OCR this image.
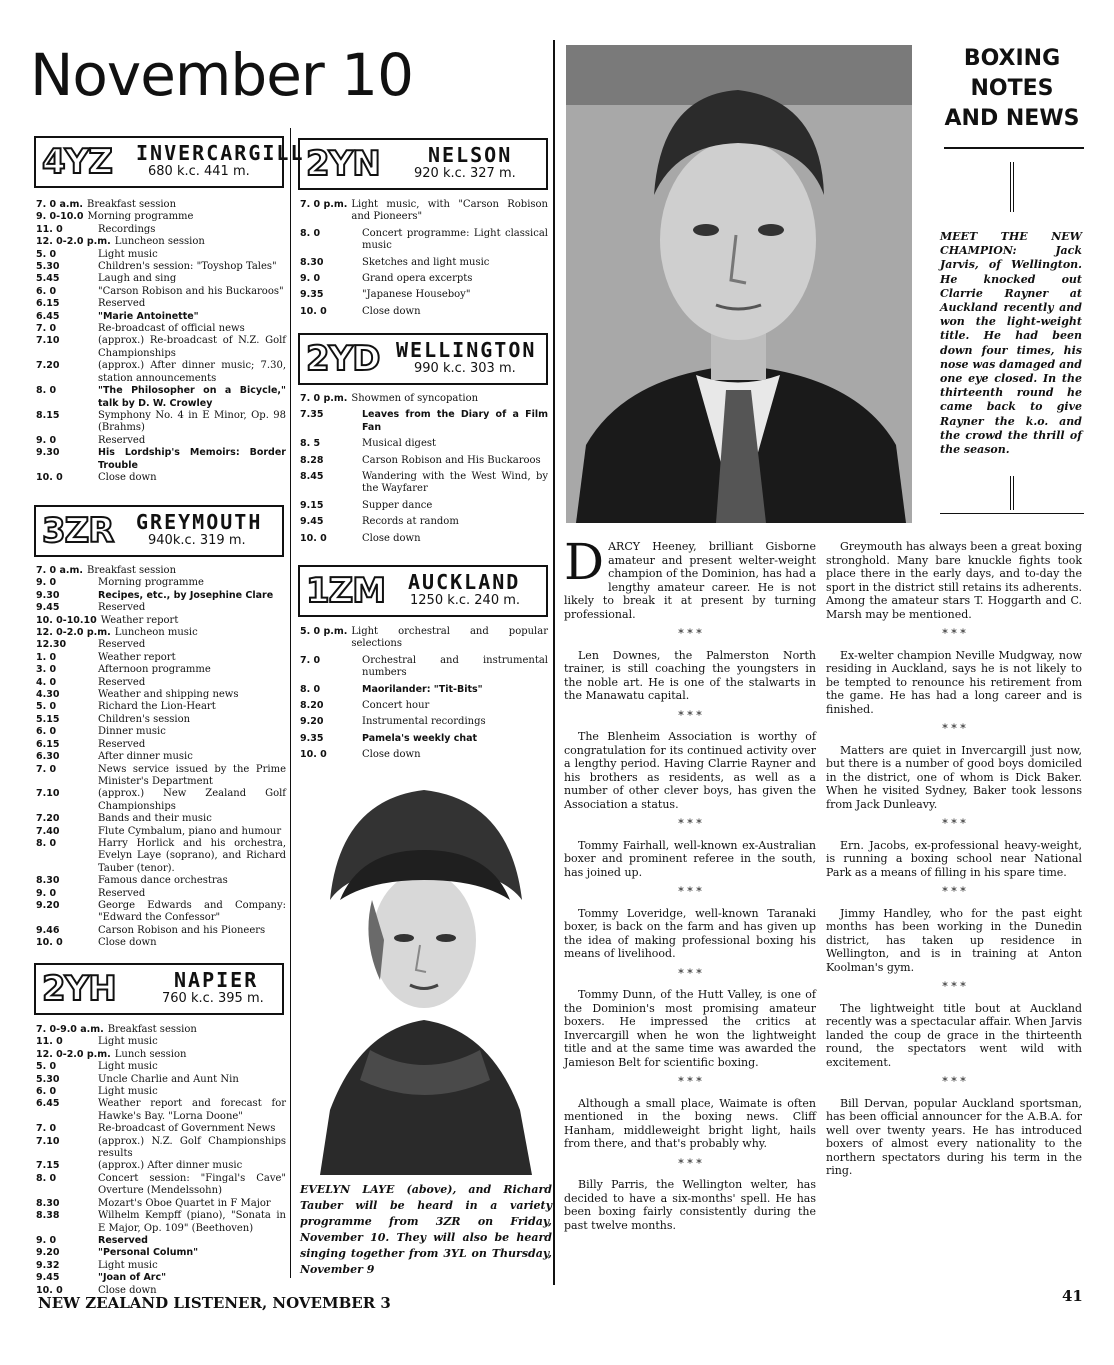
November 10
4YZ INVERCARGILL
680 k.c. 441 m.
7. 0 a.m. Breakfast session
9. 0-10.0 Morning programme
11. 0	Recordings
12. 0-2.0 p.m. Luncheon session
5. 0	Light music
5.30	Children's session: "Toyshop Tales"
5.45	Laugh and sing
6. 0	"Carson Robison and his Buckaroos"
6.15	Reserved
6.45	"Marie Antoinette"
7. 0	Re-broadcast of official news
7.10	(approx.) Re-broadcast of N.Z. Golf Championships
7.20	(approx.) After dinner music; 7.30, station announcements
8. 0	"The Philosopher on a Bicycle," talk by D. W. Crowley
8.15	Symphony No. 4 in E Minor, Op. 98 (Brahms)
9. 0	Reserved
9.30	His Lordship's Memoirs: Border Trouble
10. 0	Close down
3ZR GREYMOUTH
940k.c. 319 m.
7. 0 a.m. Breakfast session
9. 0	Morning programme
9.30	Recipes, etc., by Josephine Clare
9.45	Reserved
10. 0-10.10 Weather report
12. 0-2.0 p.m. Luncheon music
12.30	Reserved
1. 0	Weather report
3. 0	Afternoon programme
4. 0	Reserved
4.30	Weather and shipping news
5. 0	Richard the Lion-Heart
5.15	Children's session
6. 0	Dinner music
6.15	Reserved
6.30	After dinner music
7. 0	News service issued by the Prime Minister's Department
7.10	(approx.) New Zealand Golf Championships
7.20	Bands and their music
7.40	Flute Cymbalum, piano and humour
8. 0	Harry Horlick and his orchestra, Evelyn Laye (soprano), and Richard Tauber (tenor).
8.30	Famous dance orchestras
9. 0	Reserved
9.20	George Edwards and Company: "Edward the Confessor"
9.46	Carson Robison and his Pioneers
10. 0	Close down
2YH	NAPIER
760 k.c. 395 m.
7. 0-9.0 a.m. Breakfast session
11. 0	Light music
12. 0-2.0 p.m. Lunch session
5. 0	Light music
5.30	Uncle Charlie and Aunt Nin
6. 0	Light music
6.45	Weather report and forecast for Hawke's Bay. "Lorna Doone"
7. 0	Re-broadcast of Government News
7.10	(approx.) N.Z. Golf Championships results
7.15	(approx.) After dinner music
8. 0	Concert session: "Fingal's Cave" Overture (Mendelssohn)
8.30	Mozart's Oboe Quartet in F Major
8.38	Wilhelm Kempff (piano), "Sonata in E Major, Op. 109" (Beethoven)
9. 0	Reserved
9.20	"Personal Column"
9.32	Light music
9.45	"Joan of Arc"
10. 0	Close down
2YN NELSON
920 k.c. 327 m.
7. 0 p.m. Light music, with "Carson Robison and Pioneers"
8. 0	Concert programme: Light classical music
8.30	Sketches and light music
9. 0	Grand opera excerpts
9.35	"Japanese Houseboy"
10. 0	Close down
2YD WELLINGTON
990 k.c. 303 m.
7. 0 p.m. Showmen of syncopation
7.35	Leaves from the Diary of a Film Fan
8. 5	Musical digest
8.28	Carson Robison and His Buckaroos
8.45	Wandering with the West Wind, by the Wayfarer
9.15	Supper dance
9.45	Records at random
10. 0	Close down
1ZM AUCKLAND
1250 k.c. 240 m.
5. 0 p.m. Light orchestral and popular selections
7. 0	Orchestral and instrumental numbers
8. 0	Maorilander: "Tit-Bits"
8.20	Concert hour
9.20	Instrumental recordings
9.35	Pamela's weekly chat
10. 0	Close down
EVELYN LAYE (above), and Richard Tauber will be heard in a variety programme from 3ZR on Friday, November 10. They will also be heard singing together from 3YL on Thursday, November 9
BOXING
NOTES
AND NEWS
MEET THE NEW CHAMPION: Jack Jarvis, of Wellington. He knocked out Clarrie Rayner at Auckland recently and won the light-weight title. He had been down four times, his nose was damaged and one eye closed. In the thirteenth round he came back to give Rayner the k.o. and the crowd the thrill of the season.

DARCY Heeney, brilliant Gisborne amateur and present welter-weight champion of the Dominion, has had a lengthy amateur career. He is not likely to break it at present by turning professional.

* * *

Len Downes, the Palmerston North trainer, is still coaching the youngsters in the noble art. He is one of the stalwarts in the Manawatu capital.

* * *

The Blenheim Association is worthy of congratulation for its continued activity over a lengthy period. Having Clarrie Rayner and his brothers as residents, as well as a number of other clever boys, has given the Association a status.

* * *

Tommy Fairhall, well-known ex-Australian boxer and prominent referee in the south, has joined up.

* * *

Tommy Loveridge, well-known Taranaki boxer, is back on the farm and has given up the idea of making professional boxing his means of livelihood.

* * *

Tommy Dunn, of the Hutt Valley, is one of the Dominion's most promising amateur boxers. He impressed the critics at Invercargill when he won the lightweight title and at the same time was awarded the Jamieson Belt for scientific boxing.

* * *

Although a small place, Waimate is often mentioned in the boxing news. Cliff Hanham, middleweight bright light, hails from there, and that's probably why.

* * *

Billy Parris, the Wellington welter, has decided to have a six-months' spell. He has been boxing fairly consistently during the past twelve months.

Greymouth has always been a great boxing stronghold. Many bare knuckle fights took place there in the early days, and to-day the sport in the district still retains its adherents. Among the amateur stars T. Hoggarth and C. Marsh may be mentioned.

* * *

Ex-welter champion Neville Mudgway, now residing in Auckland, says he is not likely to be tempted to renounce his retirement from the game. He has had a long career and is finished.

* * *

Matters are quiet in Invercargill just now, but there is a number of good boys domiciled in the district, one of whom is Dick Baker. When he visited Sydney, Baker took lessons from Jack Dunleavy.

* * *

Ern. Jacobs, ex-professional heavy-weight, is running a boxing school near National Park as a means of filling in his spare time.

* * *

Jimmy Handley, who for the past eight months has been working in the Dunedin district, has taken up residence in Wellington, and is in training at Anton Koolman's gym.

* * *

The lightweight title bout at Auckland recently was a spectacular affair. When Jarvis landed the coup de grace in the thirteenth round, the spectators went wild with excitement.

* * *

Bill Dervan, popular Auckland sportsman, has been official announcer for the A.B.A. for well over twenty years. He has introduced boxers of almost every nationality to the northern spectators during his term in the ring.

NEW ZEALAND LISTENER, NOVEMBER 3	41
